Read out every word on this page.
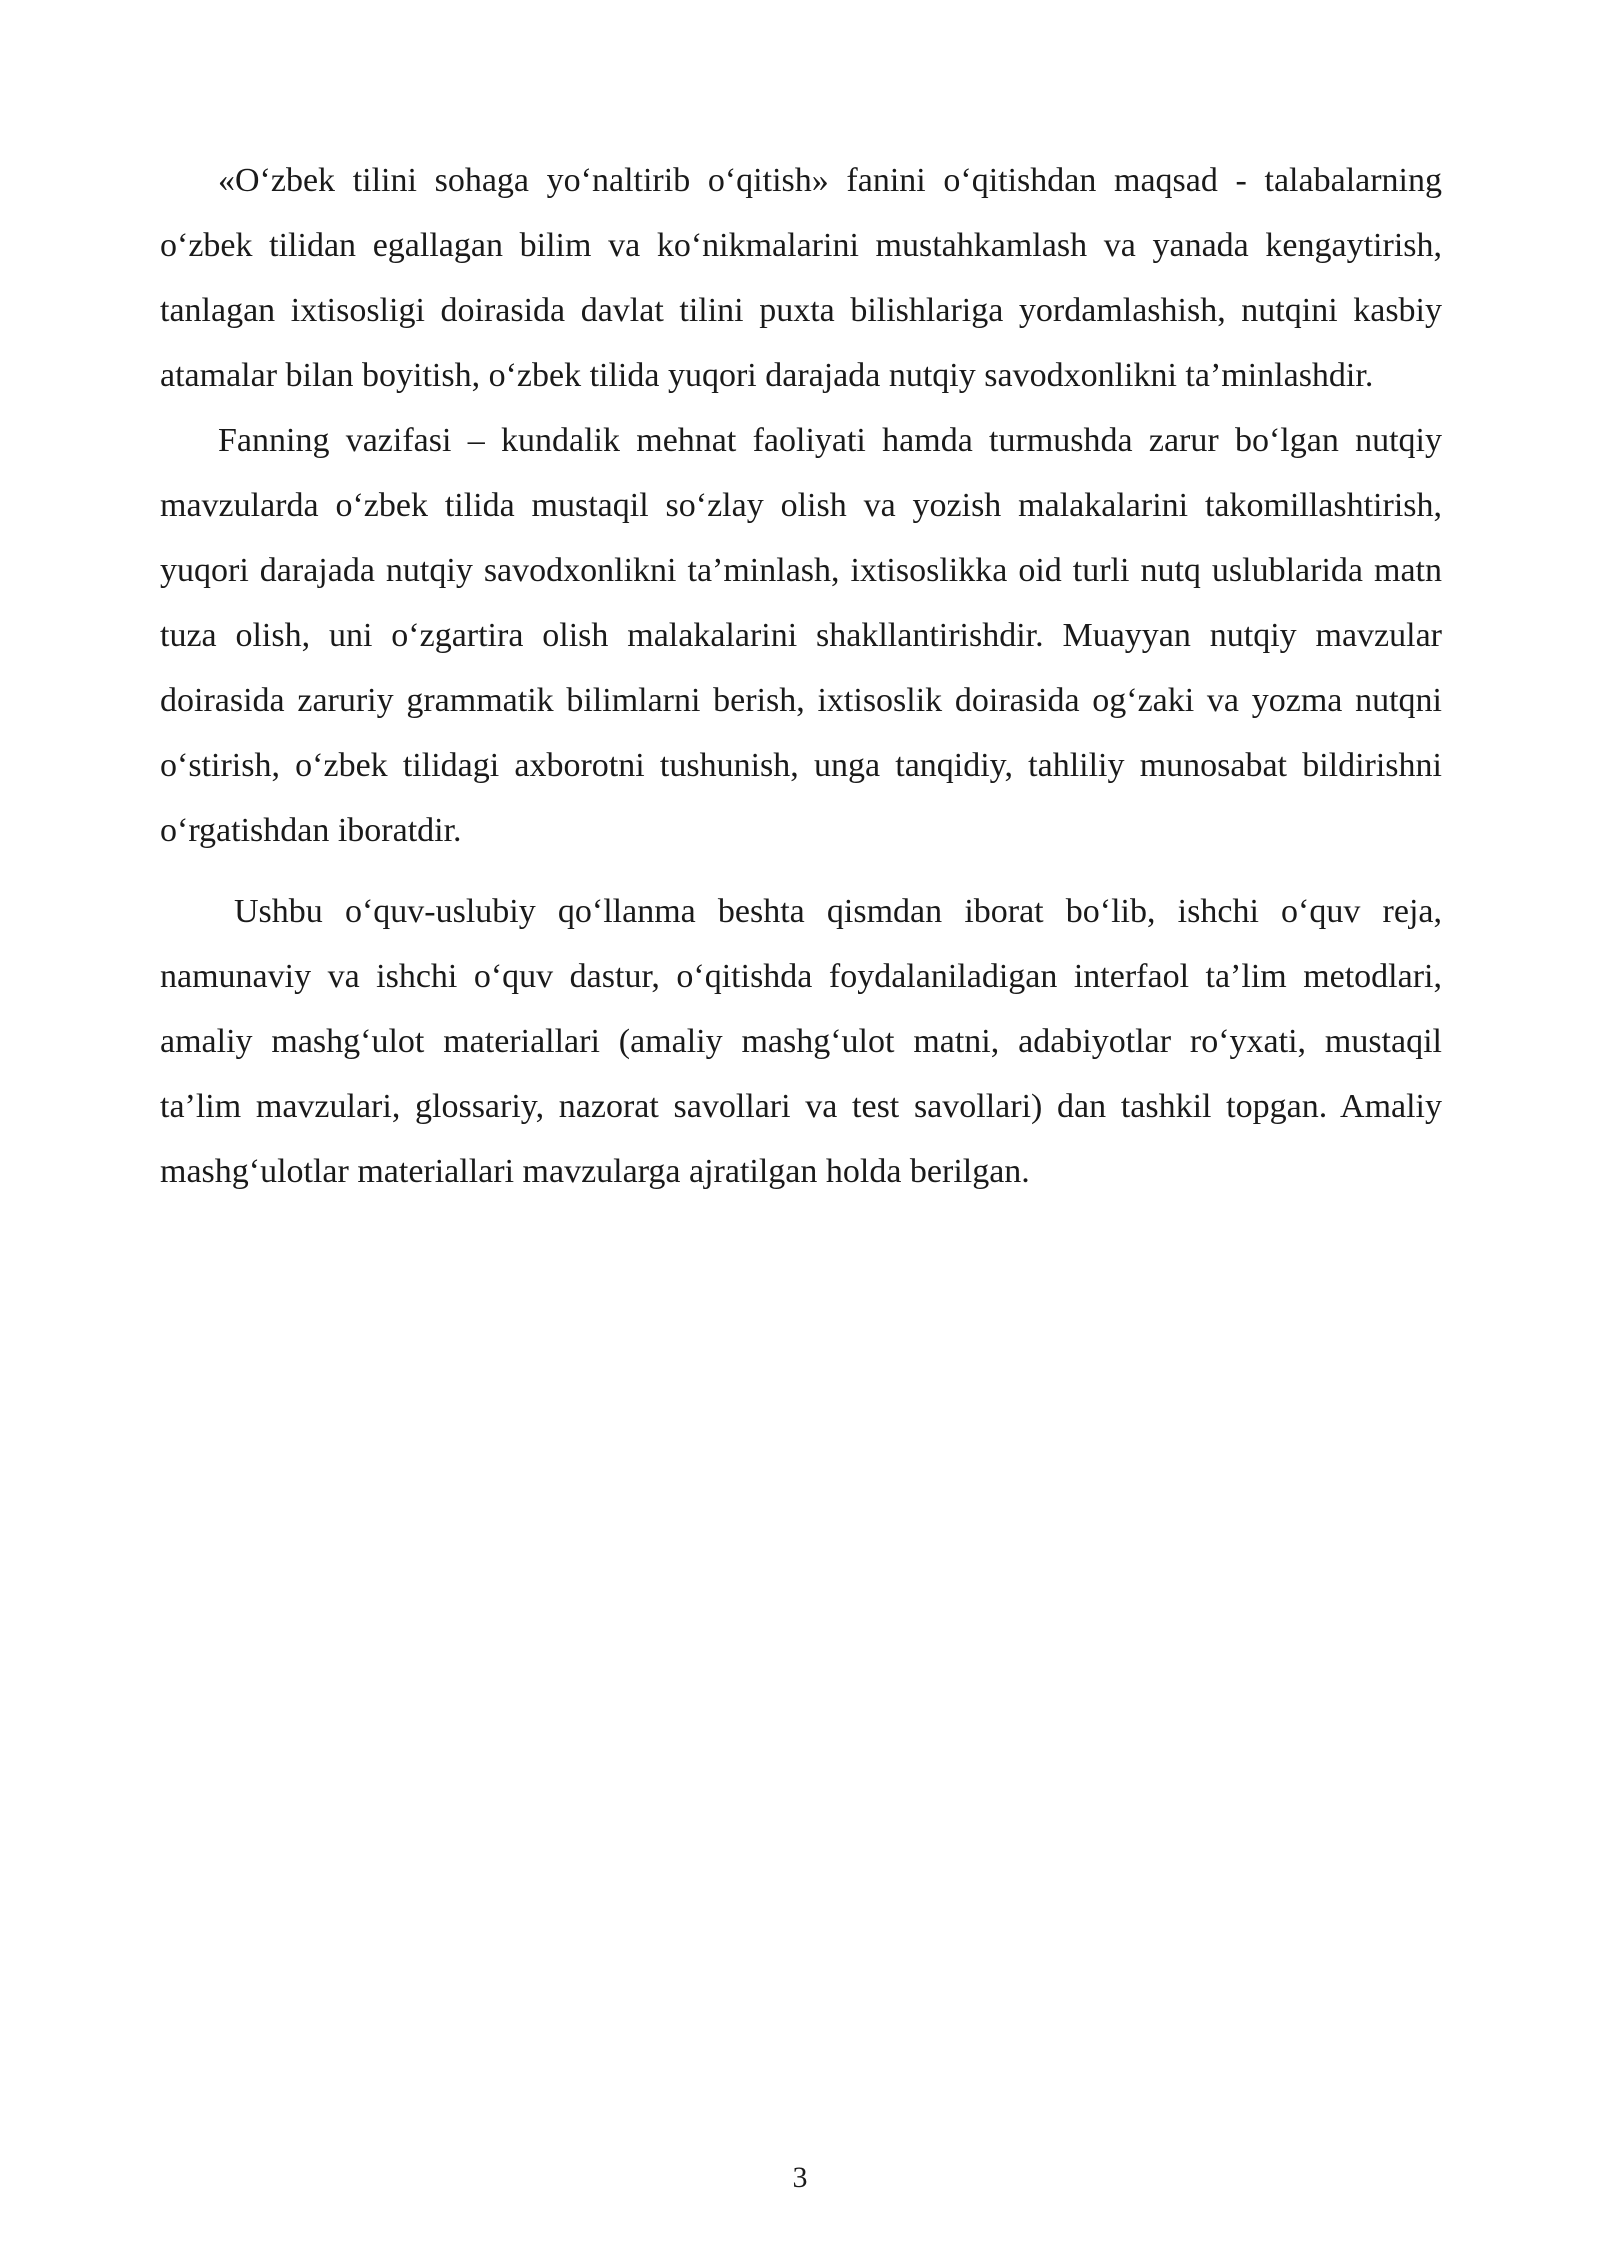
«O‘zbek tilini sohaga yo‘naltirib o‘qitish» fanini o‘qitishdan maqsad - talabalarning o‘zbek tilidan egallagan bilim va ko‘nikmalarini mustahkamlash va yanada kengaytirish, tanlagan ixtisosligi doirasida davlat tilini puxta bilishlariga yordamlashish, nutqini kasbiy atamalar bilan boyitish, o‘zbek tilida yuqori darajada nutqiy savodxonlikni ta’minlashdir.

Fanning vazifasi – kundalik mehnat faoliyati hamda turmushda zarur bo‘lgan nutqiy mavzularda o‘zbek tilida mustaqil so‘zlay olish va yozish malakalarini takomillashtirish, yuqori darajada nutqiy savodxonlikni ta’minlash, ixtisoslikka oid turli nutq uslublarida matn tuza olish, uni o‘zgartira olish malakalarini shakllantirishdir. Muayyan nutqiy mavzular doirasida zaruriy grammatik bilimlarni berish, ixtisoslik doirasida og‘zaki va yozma nutqni o‘stirish, o‘zbek tilidagi axborotni tushunish, unga tanqidiy, tahliliy munosabat bildirishni o‘rgatishdan iboratdir.

Ushbu o‘quv-uslubiy qo‘llanma beshta qismdan iborat bo‘lib, ishchi o‘quv reja, namunaviy va ishchi o‘quv dastur, o‘qitishda foydalaniladigan interfaol ta’lim metodlari, amaliy mashg‘ulot materiallari (amaliy mashg‘ulot matni, adabiyotlar ro‘yxati, mustaqil ta’lim mavzulari, glossariy, nazorat savollari va test savollari) dan tashkil topgan. Amaliy mashg‘ulotlar materiallari mavzularga ajratilgan holda berilgan.

3
